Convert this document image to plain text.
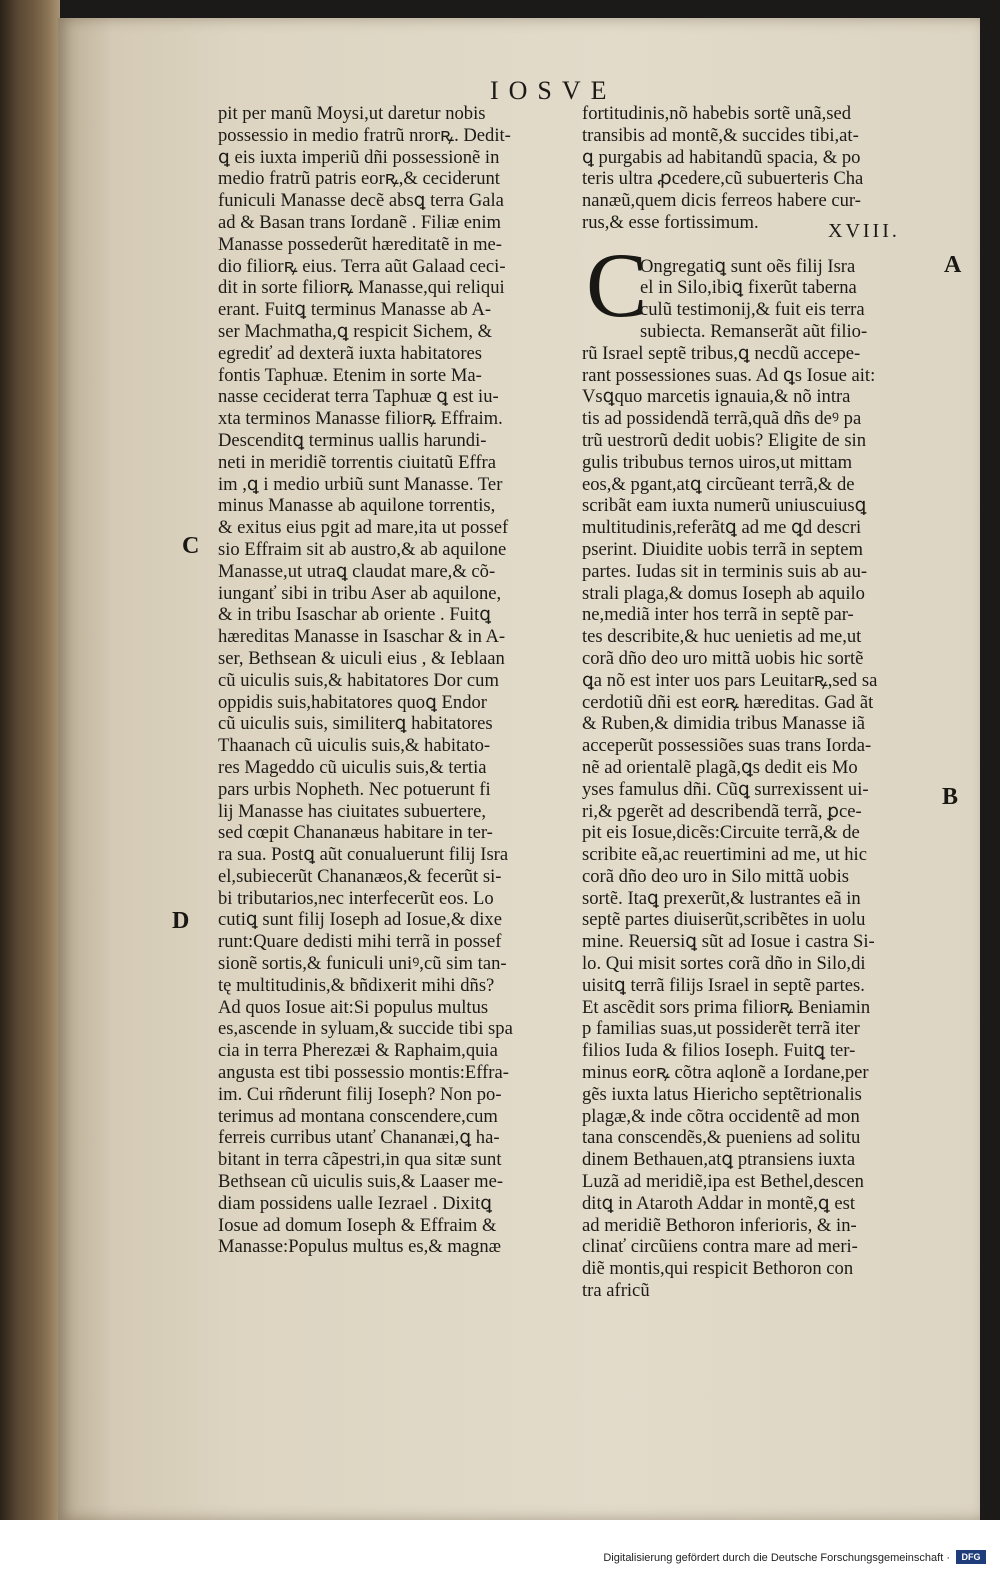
IOSVE
pit per manũ Moysi,ut daretur nobis
possessio in medio fratrũ nrorꝶ. Dedit-
ꝗ eis iuxta imperiũ dñi possessionẽ in
medio fratrũ patris eorꝶ,& ceciderunt
funiculi Manasse decẽ absꝗ terra Gala
ad & Basan trans Iordanẽ . Filiæ enim
Manasse possederũt hæreditatẽ in me-
dio filiorꝶ eius. Terra aũt Galaad ceci-
dit in sorte filiorꝶ Manasse,qui reliqui
erant. Fuitꝗ terminus Manasse ab A-
ser Machmatha,ꝗ respicit Sichem, &
egrediť ad dexterã iuxta habitatores
fontis Taphuæ. Etenim in sorte Ma-
nasse ceciderat terra Taphuæ ꝗ est iu-
xta terminos Manasse filiorꝶ Effraim.
Descenditꝗ terminus uallis harundi-
neti in meridiẽ torrentis ciuitatũ Effra
im ,ꝗ i medio urbiũ sunt Manasse. Ter
minus Manasse ab aquilone torrentis,
& exitus eius pgit ad mare,ita ut possef
sio Effraim sit ab austro,& ab aquilone
Manasse,ut utraꝗ claudat mare,& cõ-
iunganť sibi in tribu Aser ab aquilone,
& in tribu Isaschar ab oriente . Fuitꝗ
hæreditas Manasse in Isaschar & in A-
ser, Bethsean & uiculi eius , & Ieblaan
cũ uiculis suis,& habitatores Dor cum
oppidis suis,habitatores quoꝗ Endor
cũ uiculis suis, similiterꝗ habitatores
Thaanach cũ uiculis suis,& habitato-
res Mageddo cũ uiculis suis,& tertia
pars urbis Nopheth. Nec potuerunt fi
lij Manasse has ciuitates subuertere,
sed cœpit Chananæus habitare in ter-
ra sua. Postꝗ aũt conualuerunt filij Isra
el,subiecerũt Chananæos,& fecerũt si-
bi tributarios,nec interfecerũt eos. Lo
cutiꝗ sunt filij Ioseph ad Iosue,& dixe
runt:Quare dedisti mihi terrã in possef
sionẽ sortis,& funiculi uniꝰ,cũ sim tan-
tę multitudinis,& bñdixerit mihi dñs?
Ad quos Iosue ait:Si populus multus
es,ascende in syluam,& succide tibi spa
cia in terra Pherezæi & Raphaim,quia
angusta est tibi possessio montis:Effra-
im. Cui rñderunt filij Ioseph? Non po-
terimus ad montana conscendere,cum
ferreis curribus utanť Chananæi,ꝗ ha-
bitant in terra cãpestri,in qua sitæ sunt
Bethsean cũ uiculis suis,& Laaser me-
diam possidens ualle Iezrael . Dixitꝗ
Iosue ad domum Ioseph & Effraim &
Manasse:Populus multus es,& magnæ
fortitudinis,nõ habebis sortẽ unã,sed
transibis ad montẽ,& succides tibi,at-
ꝗ purgabis ad habitandũ spacia, & po
teris ultra ꝓcedere,cũ subuerteris Cha
nanæũ,quem dicis ferreos habere cur-
rus,& esse fortissimum.
Ongregatiꝗ sunt oẽs filij Isra
el in Silo,ibiꝗ fixerũt taberna
culũ testimonij,& fuit eis terra
subiecta. Remanserãt aũt filio-
rũ Israel septẽ tribus,ꝗ necdũ accepe-
rant possessiones suas. Ad ꝗs Iosue ait:
Vsꝗquo marcetis ignauia,& nõ intra
tis ad possidendã terrã,quã dñs deꝰ pa
trũ uestrorũ dedit uobis? Eligite de sin
gulis tribubus ternos uiros,ut mittam
eos,& pgant,atꝗ circũeant terrã,& de
scribãt eam iuxta numerũ uniuscuiusꝗ
multitudinis,referãtꝗ ad me ꝗd descri
pserint. Diuidite uobis terrã in septem
partes. Iudas sit in terminis suis ab au-
strali plaga,& domus Ioseph ab aquilo
ne,mediã inter hos terrã in septẽ par-
tes describite,& huc uenietis ad me,ut
corã dño deo uro mittã uobis hic sortẽ
ꝗa nõ est inter uos pars Leuitarꝶ,sed sa
cerdotiũ dñi est eorꝶ hæreditas. Gad ãt
& Ruben,& dimidia tribus Manasse iã
acceperũt possessiões suas trans Iorda-
nẽ ad orientalẽ plagã,ꝗs dedit eis Mo
yses famulus dñi. Cũꝗ surrexissent ui-
ri,& pgerẽt ad describendã terrã, ꝑce-
pit eis Iosue,dicẽs:Circuite terrã,& de
scribite eã,ac reuertimini ad me, ut hic
corã dño deo uro in Silo mittã uobis
sortẽ. Itaꝗ prexerũt,& lustrantes eã in
septẽ partes diuiserũt,scribẽtes in uolu
mine. Reuersiꝗ sũt ad Iosue i castra Si-
lo. Qui misit sortes corã dño in Silo,di
uisitꝗ terrã filijs Israel in septẽ partes.
Et ascẽdit sors prima filiorꝶ Beniamin
p familias suas,ut possiderẽt terrã iter
filios Iuda & filios Ioseph. Fuitꝗ ter-
minus eorꝶ cõtra aqlonẽ a Iordane,per
gẽs iuxta latus Hiericho septẽtrionalis
plagæ,& inde cõtra occidentẽ ad mon
tana conscendẽs,& pueniens ad solitu
dinem Bethauen,atꝗ ptransiens iuxta
Luzã ad meridiẽ,ipa est Bethel,descen
ditꝗ in Ataroth Addar in montẽ,ꝗ est
ad meridiẽ Bethoron inferioris, & in-
clinať circũiens contra mare ad meri-
diẽ montis,qui respicit Bethoron con
tra africũ
XVIII.
C
C
D
A
B
Digitalisierung gefördert durch die Deutsche Forschungsgemeinschaft ·	DFG
